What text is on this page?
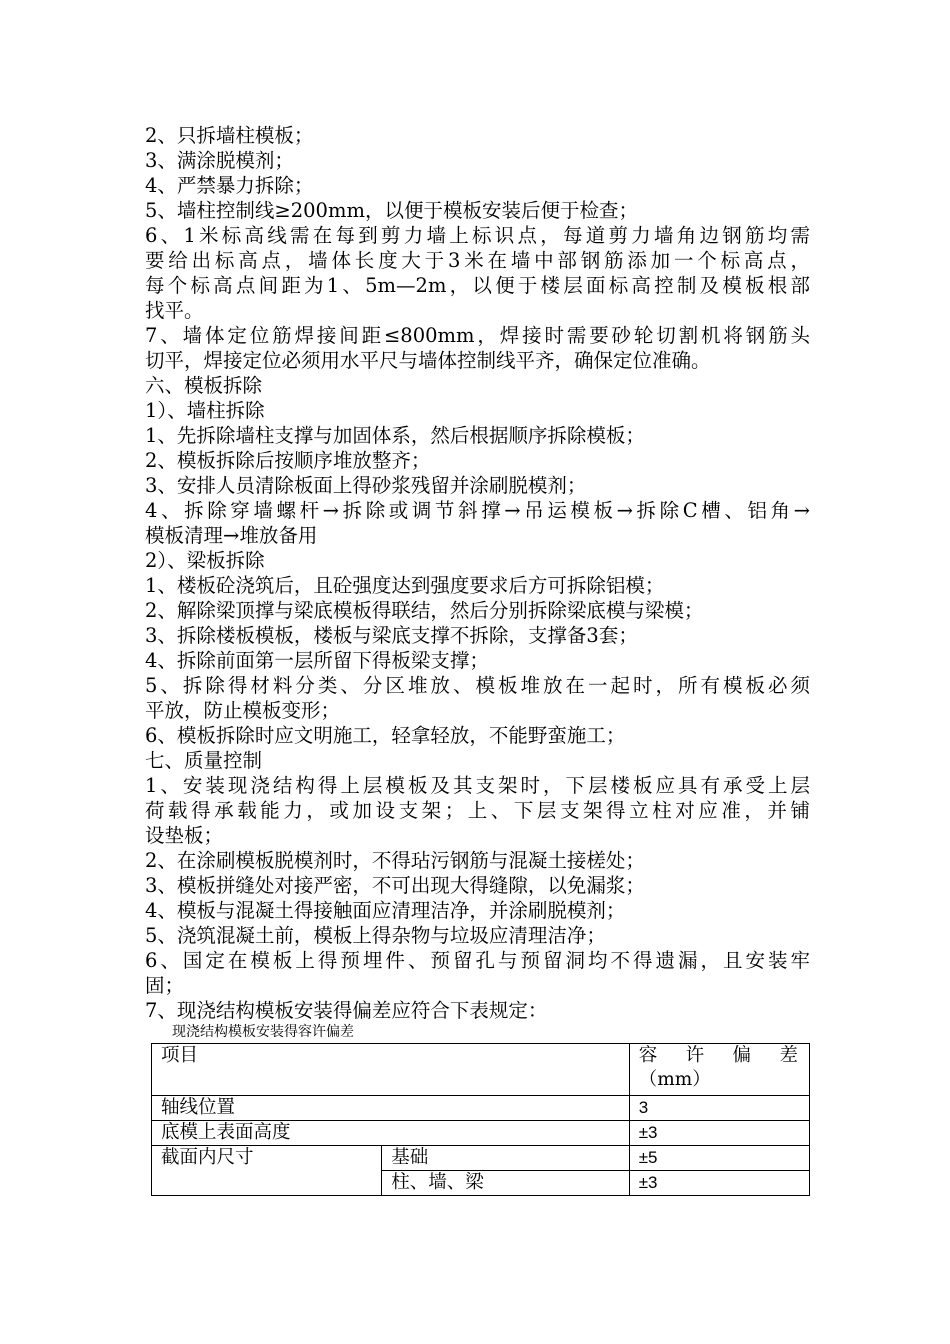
2、只拆墙柱模板；
3、满涂脱模剂；
4、严禁暴力拆除；
5、墙柱控制线≥200mm，以便于模板安装后便于检查；
6、1米标高线需在每到剪力墙上标识点，每道剪力墙角边钢筋均需
要给出标高点，墙体长度大于3米在墙中部钢筋添加一个标高点，
每个标高点间距为1、5m—2m，以便于楼层面标高控制及模板根部
找平。
7、墙体定位筋焊接间距≤800mm，焊接时需要砂轮切割机将钢筋头
切平，焊接定位必须用水平尺与墙体控制线平齐，确保定位准确。
六、模板拆除
1）、墙柱拆除
1、先拆除墙柱支撑与加固体系，然后根据顺序拆除模板；
2、模板拆除后按顺序堆放整齐；
3、安排人员清除板面上得砂浆残留并涂刷脱模剂；
4、拆除穿墙螺杆→拆除或调节斜撑→吊运模板→拆除C槽、铝角→
模板清理→堆放备用
2）、梁板拆除
1、楼板砼浇筑后，且砼强度达到强度要求后方可拆除铝模；
2、解除梁顶撑与梁底模板得联结，然后分别拆除梁底模与梁模；
3、拆除楼板模板，楼板与梁底支撑不拆除，支撑备3套；
4、拆除前面第一层所留下得板梁支撑；
5、拆除得材料分类、分区堆放、模板堆放在一起时，所有模板必须
平放，防止模板变形；
6、模板拆除时应文明施工，轻拿轻放，不能野蛮施工；
七、质量控制
1、安装现浇结构得上层模板及其支架时，下层楼板应具有承受上层
荷载得承载能力，或加设支架；上、下层支架得立柱对应准，并铺
设垫板；
2、在涂刷模板脱模剂时，不得玷污钢筋与混凝土接槎处；
3、模板拼缝处对接严密，不可出现大得缝隙，以免漏浆；
4、模板与混凝土得接触面应清理洁净，并涂刷脱模剂；
5、浇筑混凝土前，模板上得杂物与垃圾应清理洁净；
6、国定在模板上得预埋件、预留孔与预留洞均不得遗漏，且安装牢
固；
7、现浇结构模板安装得偏差应符合下表规定：
现浇结构模板安装得容许偏差
项目		容 许 偏 差
（mm）
轴线位置		3
底模上表面高度		±3
截面内尺寸	基础	±5
	柱、墙、梁	±3
